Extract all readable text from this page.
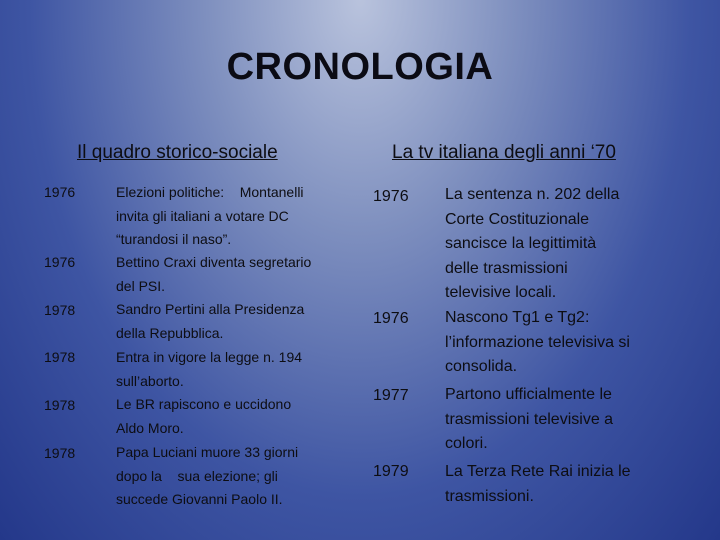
CRONOLOGIA
Il quadro storico-sociale	La tv italiana degli anni ‘70
1976
1976
1978
1978
1978
1978
Elezioni politiche:    Montanelli
invita gli italiani a votare DC
“turandosi il naso”.
Bettino Craxi diventa segretario
del PSI.
Sandro Pertini alla Presidenza
della Repubblica.
Entra in vigore la legge n. 194
sull’aborto.
Le BR rapiscono e uccidono
Aldo Moro.
Papa Luciani muore 33 giorni
dopo la    sua elezione; gli
succede Giovanni Paolo II.
1976
1976
1977
1979
La sentenza n. 202 della
Corte Costituzionale
sancisce la legittimità
delle trasmissioni
televisive locali.
Nascono Tg1 e Tg2:
l’informazione televisiva si
consolida.
Partono ufficialmente le
trasmissioni televisive a
colori.
La Terza Rete Rai inizia le
trasmissioni.
